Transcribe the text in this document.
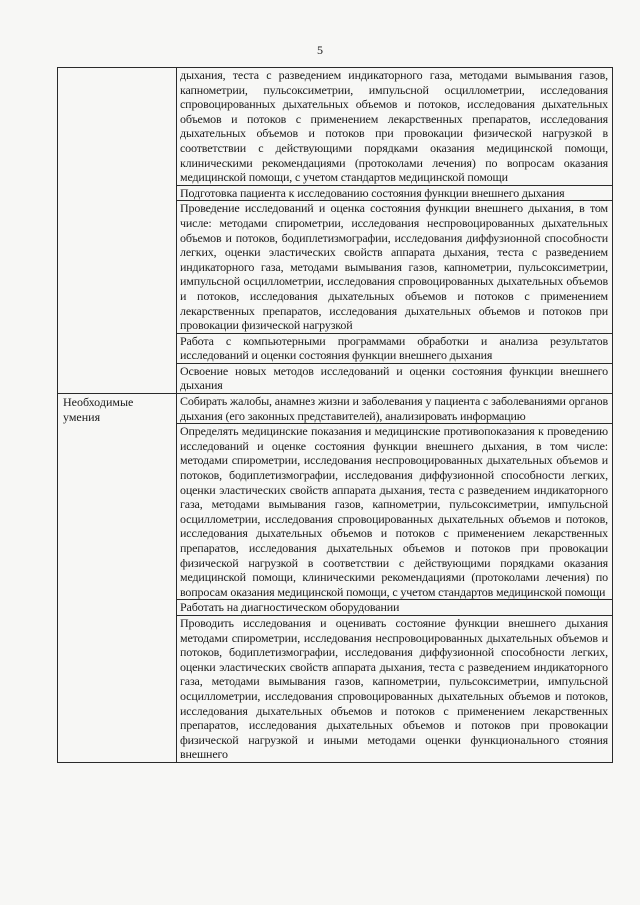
5

	дыхания, теста с разведением индикаторного газа, методами вымывания газов, капнометрии, пульсоксиметрии, импульсной осциллометрии, исследования спровоцированных дыхательных объемов и потоков, исследования дыхательных объемов и потоков с применением лекарственных препаратов, исследования дыхательных объемов и потоков при провокации физической нагрузкой в соответствии с действующими порядками оказания медицинской помощи, клиническими рекомендациями (протоколами лечения) по вопросам оказания медицинской помощи, с учетом стандартов медицинской помощи
Подготовка пациента к исследованию состояния функции внешнего дыхания
Проведение исследований и оценка состояния функции внешнего дыхания, в том числе: методами спирометрии, исследования неспровоцированных дыхательных объемов и потоков, бодиплетизмографии, исследования диффузионной способности легких, оценки эластических свойств аппарата дыхания, теста с разведением индикаторного газа, методами вымывания газов, капнометрии, пульсоксиметрии, импульсной осциллометрии, исследования спровоцированных дыхательных объемов и потоков, исследования дыхательных объемов и потоков с применением лекарственных препаратов, исследования дыхательных объемов и потоков при провокации физической нагрузкой
Работа с компьютерными программами обработки и анализа результатов исследований и оценки состояния функции внешнего дыхания
Освоение новых методов исследований и оценки состояния функции внешнего дыхания

Необходимые умения	Собирать жалобы, анамнез жизни и заболевания у пациента с заболеваниями органов дыхания (его законных представителей), анализировать информацию
Определять медицинские показания и медицинские противопоказания к проведению исследований и оценке состояния функции внешнего дыхания, в том числе: методами спирометрии, исследования неспровоцированных дыхательных объемов и потоков, бодиплетизмографии, исследования диффузионной способности легких, оценки эластических свойств аппарата дыхания, теста с разведением индикаторного газа, методами вымывания газов, капнометрии, пульсоксиметрии, импульсной осциллометрии, исследования спровоцированных дыхательных объемов и потоков, исследования дыхательных объемов и потоков с применением лекарственных препаратов, исследования дыхательных объемов и потоков при провокации физической нагрузкой в соответствии с действующими порядками оказания медицинской помощи, клиническими рекомендациями (протоколами лечения) по вопросам оказания медицинской помощи, с учетом стандартов медицинской помощи
Работать на диагностическом оборудовании
Проводить исследования и оценивать состояние функции внешнего дыхания методами спирометрии, исследования неспровоцированных дыхательных объемов и потоков, бодиплетизмографии, исследования диффузионной способности легких, оценки эластических свойств аппарата дыхания, теста с разведением индикаторного газа, методами вымывания газов, капнометрии, пульсоксиметрии, импульсной осциллометрии, исследования спровоцированных дыхательных объемов и потоков, исследования дыхательных объемов и потоков с применением лекарственных препаратов, исследования дыхательных объемов и потоков при провокации физической нагрузкой и иными методами оценки функционального стояния внешнего
